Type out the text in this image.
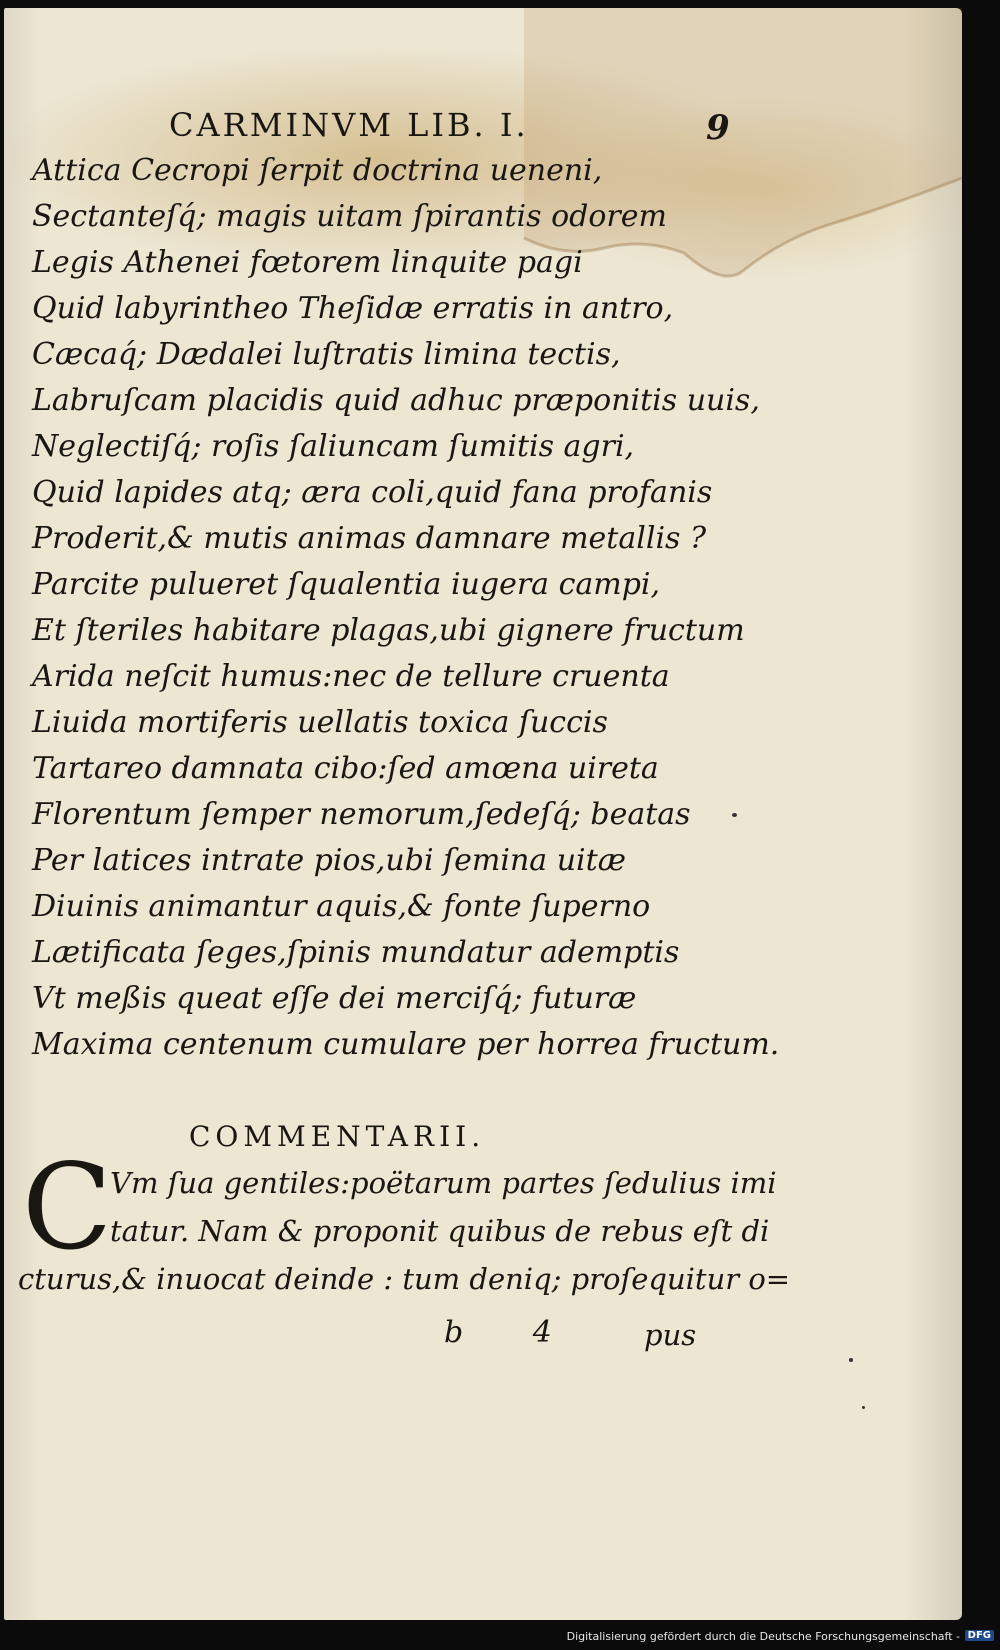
CARMINVM LIB. I.	9
Attica Cecropi ſerpit doctrina ueneni,
Sectanteſq́; magis uitam ſpirantis odorem
Legis Athenei fœtorem linquite pagi
Quid labyrintheo Theſidæ erratis in antro,
Cæcaq́; Dædalei luſtratis limina tectis,
Labruſcam placidis quid adhuc præponitis uuis,
Neglectiſq́; roſis ſaliuncam ſumitis agri,
Quid lapides atq; æra coli,quid fana profanis
Proderit,& mutis animas damnare metallis ?
Parcite pulueret ſqualentia iugera campi,
Et ſteriles habitare plagas,ubi gignere fructum
Arida neſcit humus:nec de tellure cruenta
Liuida mortiferis uellatis toxica ſuccis
Tartareo damnata cibo:ſed amœna uireta
Florentum ſemper nemorum,ſedeſq́; beatas
Per latices intrate pios,ubi ſemina uitæ
Diuinis animantur aquis,& fonte ſuperno
Lætificata ſeges,ſpinis mundatur ademptis
Vt meßis queat eſſe dei merciſq́; futuræ
Maxima centenum cumulare per horrea fructum.
COMMENTARII.
C
Vm ſua gentiles:poëtarum partes ſedulius imi
tatur. Nam & proponit quibus de rebus eſt di
cturus,& inuocat deinde : tum deniq; proſequitur o=
b 4 pus
Digitalisierung gefördert durch die Deutsche Forschungsgemeinschaft - DFG
